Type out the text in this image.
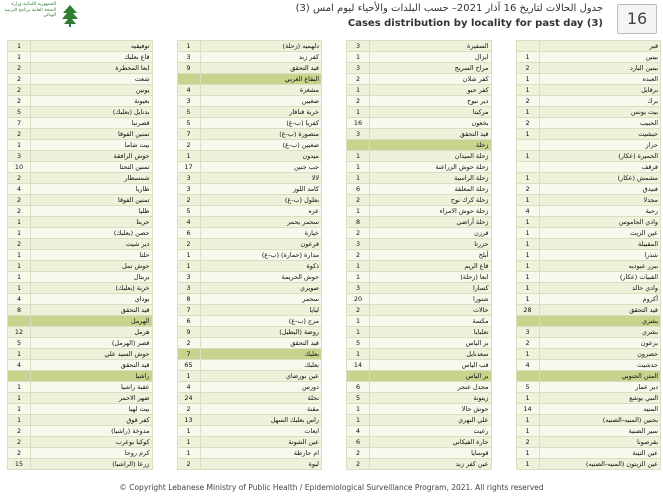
الجمهورية اللبنانية وزارة الصحة العامة برنامج الترصد الوبائي
جدول الحالات لتاريخ 16 آذار 2021– حسب البلدات والأحياء ليوم امس (3)
Cases distribution by locality for past day (3)	16
1	توفيقيه		1	دلهميه (زحلة)		3	السفيرة			قبر
1	قاع بعلبك		3	كفر زبد		1	ايزال		1	بينين
2	ابعا المحطرة		9	قيد التحقق		3	مراح السريج		2	ببنين البارد
2	شعت			البقاع الغربي		2	كفر شلان		1	العبده
2	يونين		4	مشغرة		1	كفر حبو		1	برقايل
2	بعيونة		3	صغبين		2	دير نبوح		2	برك
5	بدنايل (بعلبك)		5	خربة قنافار		1	مركبتا		1	بيت يونس
7	قصرنبا		5	كفريا (ب-غ)		16	بخعون		2	الحبيب
2	تمنين الفوقا		7	منصورة (ب-غ)		3	قيد التحقق		1	حبشيت
1	بيت شاما		2	صغبين (ب-غ)			زحلة			حراز
3	حوش الرافقة		1	ميدون		1	زحلة الميدان		1	الحميرة (عكار)
10	تمنين التحتا		17	جب جنين		1	زحلة حوش الزراعنة			قرقف
2	شمسطار		3	لالا		1	زحلة الراسية		1	مشمش (عكار)
4	طاريا		3	كامد اللوز		6	زحلة المعلقة		2	فنيدق
2	تمنين الفوقا		2	بعلول (ب-غ)		2	زحلة كرك نوح		1	مجدلا
2	طليا		5	عزه		1	زحلة حوش الامراء		4	رحبة
1	حربتا		4	سحمر يحمر		8	زحلة أراضي		1	وادي الجاموس
1	حصن (بعلبك)		6	خيارة		2	قرزن		1	عين الزيت
2	دير شيت		2	قرعون		3	حزرتا		1	المقيبلة
1	حلتا		1	مدارة (حمارة) (ب-غ)		2	أبلح		1	شدرا
1	حوش تمل		1	ذكوة		1	قاع الريم		1	ببرر عبوديه
1	بربتال		3	حوش الحريمة		1	ابعا (زحلة)		1	القبيات (عكار)
1	خربة (بعلبك)		3	صويري		3	كسارا		1	وادي خالد
4	بوداي		8	سحمر		20	شتورا		1	أكروم
8	قيد التحقق		7	لبايا		2	حالات		28	قيد التحقق
	الهرمل		6	مرج (ب-غ)		1	مكسة			بشري
12	هرمل		9	روضة (البطيل)		1	تعلبايا		3	بشري
5	قصر (الهرمل)		2	قيد التحقق		5	بر الياس		2	بزعون
1	حوش السيد علي		7	بعلبك		1	سعدنايل		1	حصرون
4	قيد التحقق		65	بعلبك		14	قب الياس		4	حدشيت
	راشيا		1	عين بورضاي			بر الياس			المتن الجنوبي
1	عقبة راشيا		4	دورس		6	مجدل عنجر		5	دير عمار
1	ضهر الاحمر		24	نحلة		5	زيتونة		1	النبي يوشع
1	بيت لهيا		2	مقنة		1	حوش حالا		14	المنيه
1	كفر قوق		13	راس بعلبك السهل		1	علي النهري		1	بحنين (المنيه-الضنيه)
2	مدوخة (راشيا)		1	ايعات		4	رعيت		1	سير الضنية
2	كوكبا بوعرب		1	عين الشونة		6	حارة الفيكاني		2	بقرصونا
2	كرم روحا		1	ام حارطة		2	قوسايا		1	عين التينة
15	زرعا (الراشيا)		2	لبوة		2	عين كفر زبد		1	عين الزيتون (المنيه-الضنيه)
© Copyright Lebanese Ministry of Public Health / Epidemiological Surveillance Program, 2021. All rights reserved
